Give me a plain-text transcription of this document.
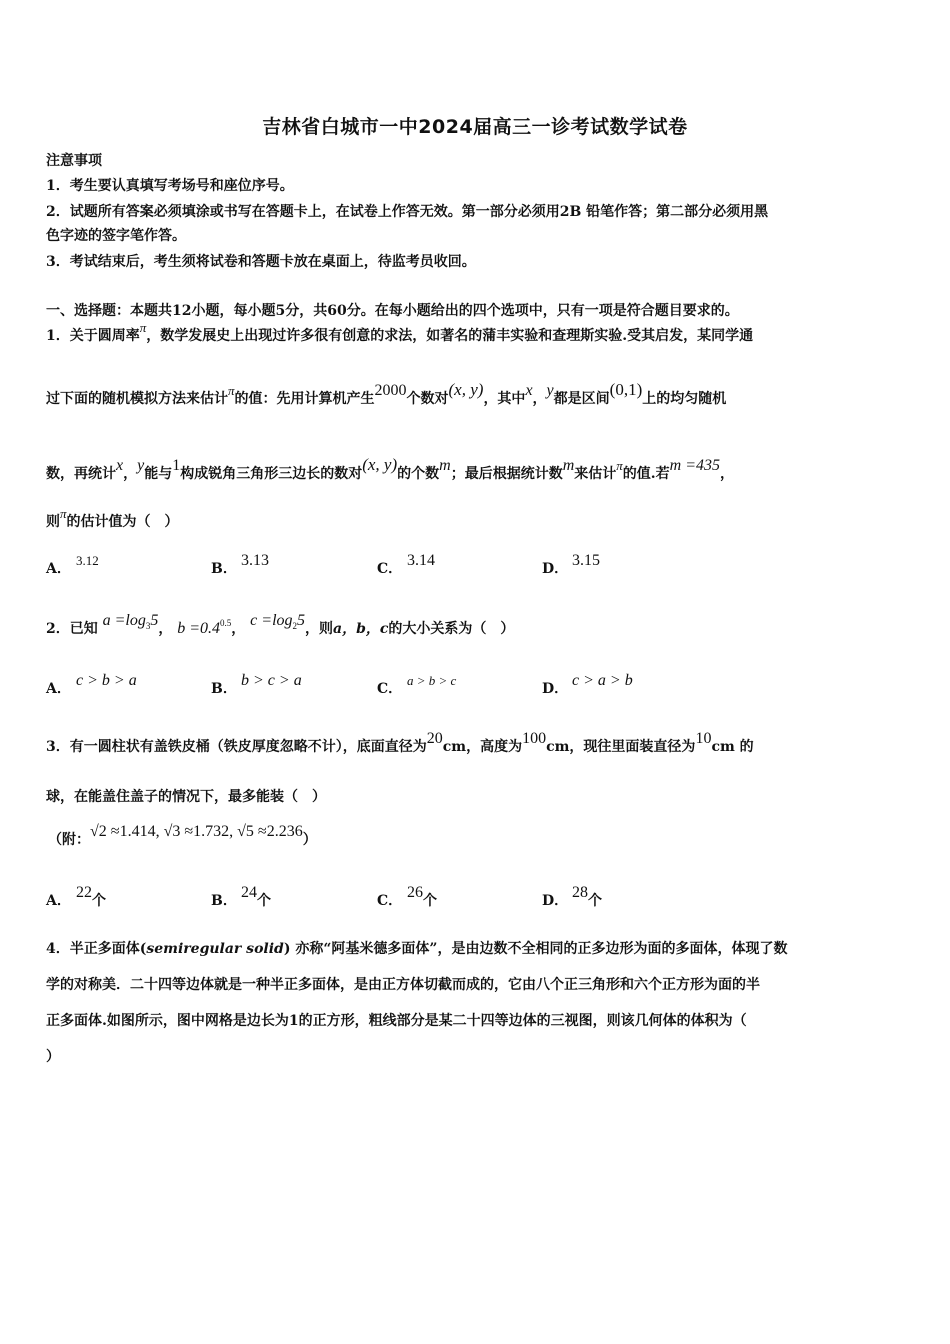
吉林省白城市一中2024届高三一诊考试数学试卷
注意事项
1．考生要认真填写考场号和座位序号。
2．试题所有答案必须填涂或书写在答题卡上，在试卷上作答无效。第一部分必须用2B 铅笔作答；第二部分必须用黑
色字迹的签字笔作答。
3．考试结束后，考生须将试卷和答题卡放在桌面上，待监考员收回。
一、选择题：本题共12小题，每小题5分，共60分。在每小题给出的四个选项中，只有一项是符合题目要求的。
1．关于圆周率π，数学发展史上出现过许多很有创意的求法，如著名的蒲丰实验和查理斯实验.受其启发，某同学通
过下面的随机模拟方法来估计π的值：先用计算机产生2000个数对(x, y)，其中x，y都是区间(0,1)上的均匀随机
数，再统计x，y能与1构成锐角三角形三边长的数对(x, y)的个数m；最后根据统计数m来估计π的值.若m =435，
则π的估计值为（　）
A．3.12
B． 3.13	C． 3.14	D． 3.15
2．已知 $a =\log_35$， $b =0.4^{0.5}$， $c =\log_25$，则a，b，c的大小关系为（　）
A． c > b > a	B． b > c > a	C．a > b > c
D． c > a > b
3．有一圆柱状有盖铁皮桶（铁皮厚度忽略不计），底面直径为20cm，高度为100cm，现往里面装直径为10cm 的
球，在能盖住盖子的情况下，最多能装（　）
（附：√2 ≈1.414, √3 ≈1.732, √5 ≈2.236）
A． 22个	B． 24个	C． 26个	D． 28个
4．半正多面体(semiregular solid) 亦称“阿基米德多面体”，是由边数不全相同的正多边形为面的多面体，体现了数
学的对称美．二十四等边体就是一种半正多面体，是由正方体切截而成的，它由八个正三角形和六个正方形为面的半
正多面体.如图所示，图中网格是边长为1的正方形，粗线部分是某二十四等边体的三视图，则该几何体的体积为（
）
